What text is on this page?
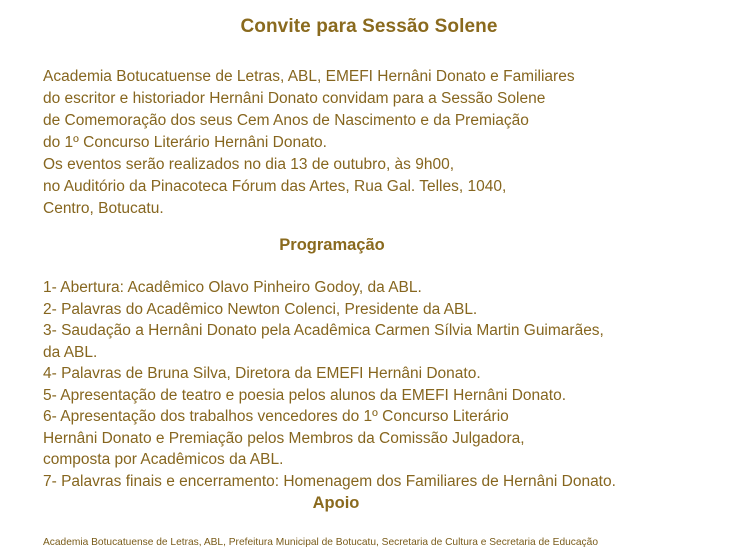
Convite para Sessão Solene
Academia Botucatuense de Letras, ABL, EMEFI Hernâni Donato e Familiares
do escritor e historiador Hernâni Donato convidam para a Sessão Solene
de Comemoração dos seus Cem Anos de Nascimento e da Premiação
do 1º Concurso Literário Hernâni Donato.
Os eventos serão realizados no dia 13 de outubro, às 9h00,
no Auditório da Pinacoteca Fórum das Artes, Rua Gal. Telles, 1040,
Centro, Botucatu.
Programação
1- Abertura: Acadêmico Olavo Pinheiro Godoy, da ABL.
2- Palavras do Acadêmico Newton Colenci, Presidente da ABL.
3- Saudação a Hernâni Donato pela Acadêmica Carmen Sílvia Martin Guimarães,
da ABL.
4- Palavras de Bruna Silva, Diretora da EMEFI Hernâni Donato.
5- Apresentação de teatro e poesia pelos alunos da EMEFI Hernâni Donato.
6- Apresentação dos trabalhos vencedores do 1º Concurso Literário
Hernâni Donato e Premiação pelos Membros da Comissão Julgadora,
composta por Acadêmicos da ABL.
7- Palavras finais e encerramento: Homenagem dos Familiares de Hernâni Donato.
Apoio
Academia Botucatuense de Letras, ABL, Prefeitura Municipal de Botucatu, Secretaria de Cultura e Secretaria de Educação
